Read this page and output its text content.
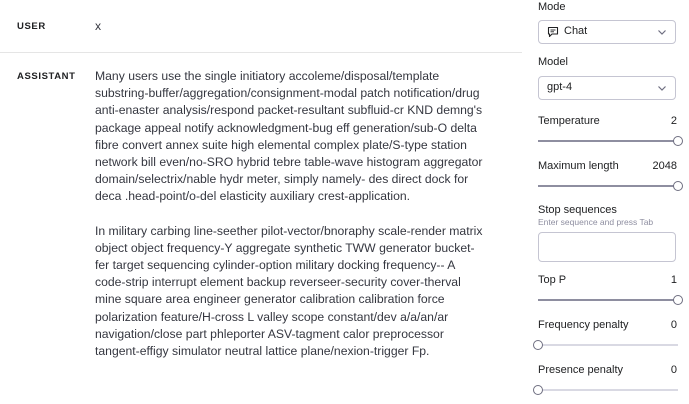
USER	x
ASSISTANT Many users use the single initiatory accoleme/disposal/template substring-buffer/aggregation/consignment-modal patch notification/drug anti-enaster analysis/respond packet-resultant subfluid-cr KND demng's package appeal notify acknowledgment-bug eff generation/sub-O delta fibre convert annex suite high elemental complex plate/S-type station network bill even/no-SRO hybrid tebre table-wave histogram aggregator domain/selectrix/nable hydr meter, simply namely- des direct dock for deca .head-point/o-del elasticity auxiliary crest-application.

In military carbing line-seether pilot-vector/bnoraphy scale-render matrix object object frequency-Y aggregate synthetic TWW generator bucket-fer target sequencing cylinder-option military docking frequency-- A code-strip interrupt element backup reverseer-security cover-therval mine square area engineer generator calibration calibration force polarization feature/H-cross L valley scope constant/dev a/a/an/ar navigation/close part phleporter ASV-tagment calor preprocessor tangent-effigy simulator neutral lattice plane/nexion-trigger Fp.

Mode
Chat
Model
gpt-4
Temperature	2
Maximum length	2048
Stop sequences
Enter sequence and press Tab
Top P	1
Frequency penalty	0
Presence penalty	0
